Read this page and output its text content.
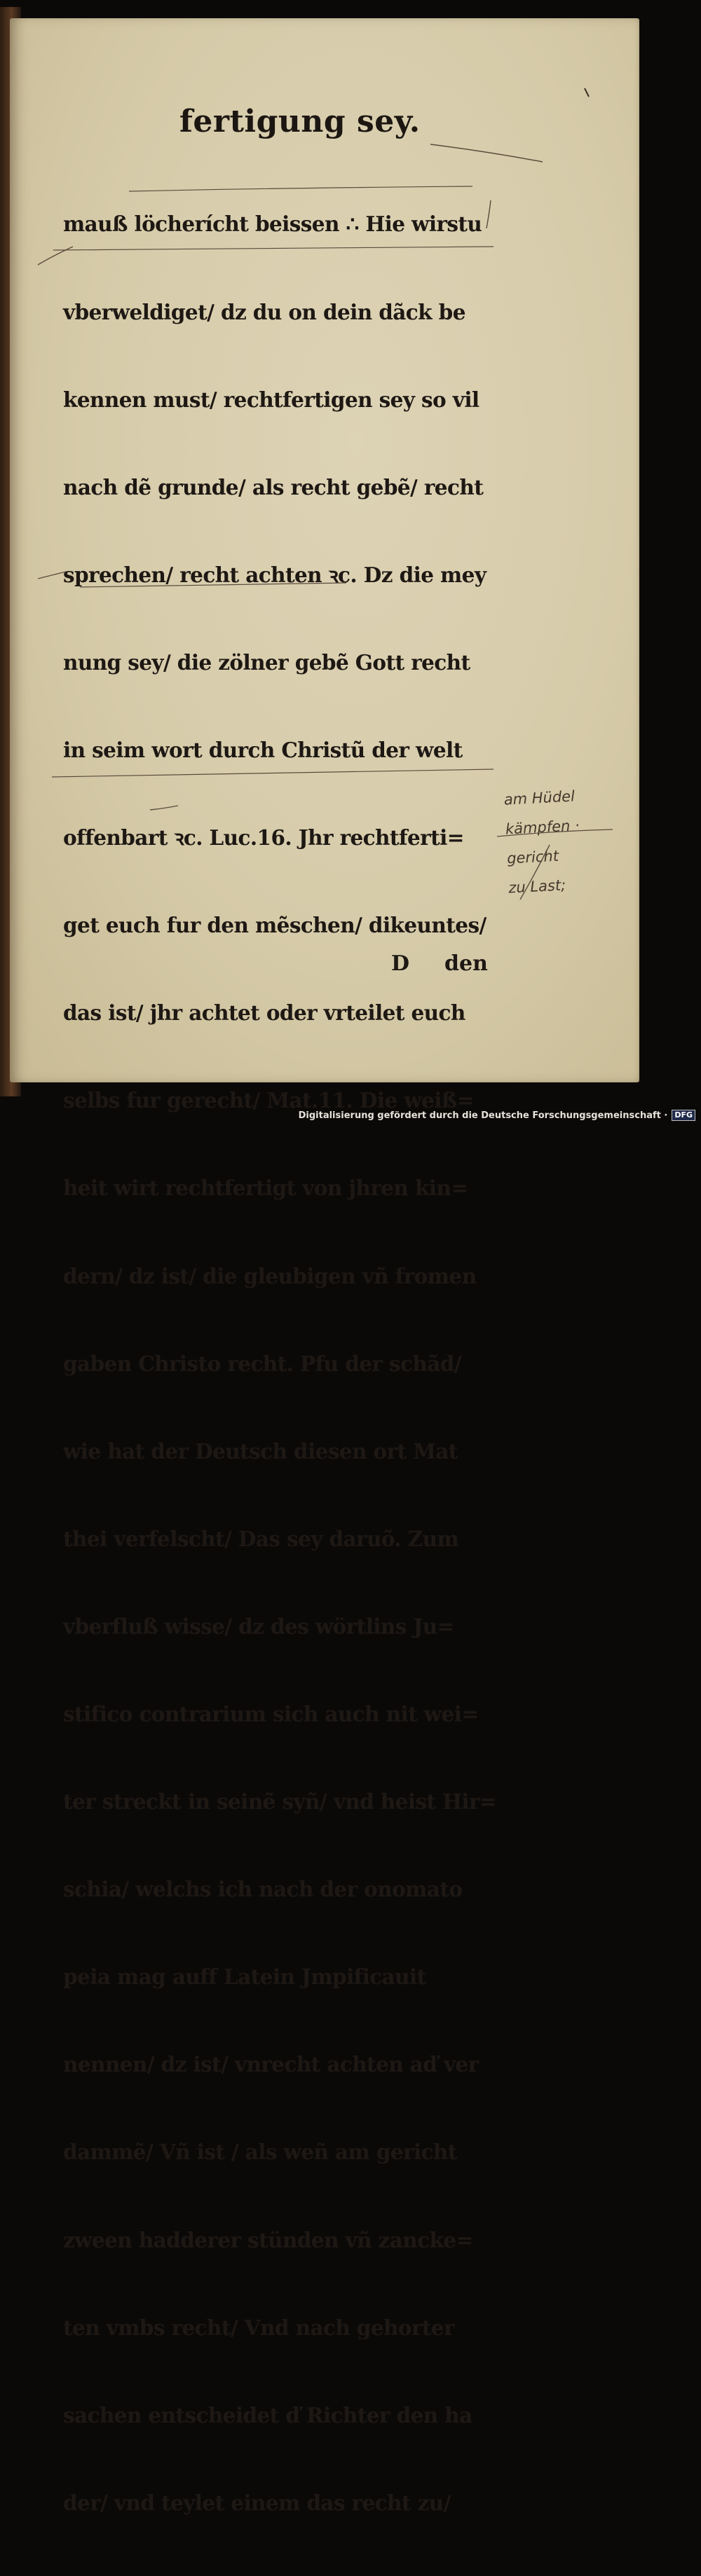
fertigung sey.

mauß löcherícht beissen ∴ Hie wirstu

vberweldiget/ dz du on dein dãck be

kennen must/ rechtfertigen sey so vil

nach dẽ grunde/ als recht gebẽ/ recht

sprechen/ recht achten ꝛc. Dz die mey

nung sey/ die zölner gebẽ Gott recht

in seim wort durch Christũ der welt

offenbart ꝛc. Luc.16. Jhr rechtferti=

get euch fur den mẽschen/ dikeuntes/

das ist/ jhr achtet oder vrteilet euch

selbs fur gerecht/ Mat.11. Die weiß=

heit wirt rechtfertigt von jhren kin=

dern/ dz ist/ die gleubigen vñ fromen

gaben Christo recht. Pfu der schãd/

wie hat der Deutsch diesen ort Mat

thei verfelscht/ Das sey daruõ. Zum

vberfluß wisse/ dz des wörtlins Ju=

stifico contrarium sich auch nit wei=

ter streckt in seinẽ syñ/ vnd heist Hir=

schia/ welchs ich nach der onomato

peia mag auff Latein Jmpificauit

nennen/ dz ist/ vnrecht achten aď ver

dammẽ/ Vñ ist / als weñ am gericht

zween hadderer stünden vñ zancke=

ten vmbs recht/ Vnd nach gehorter

sachen entscheidet ď Richter den ha

der/ vnd teylet einem das recht zu/

D den
am Hüdel
kämpfen ·
gericht
zu Last;
Digitalisierung gefördert durch die Deutsche Forschungsgemeinschaft · DFG
